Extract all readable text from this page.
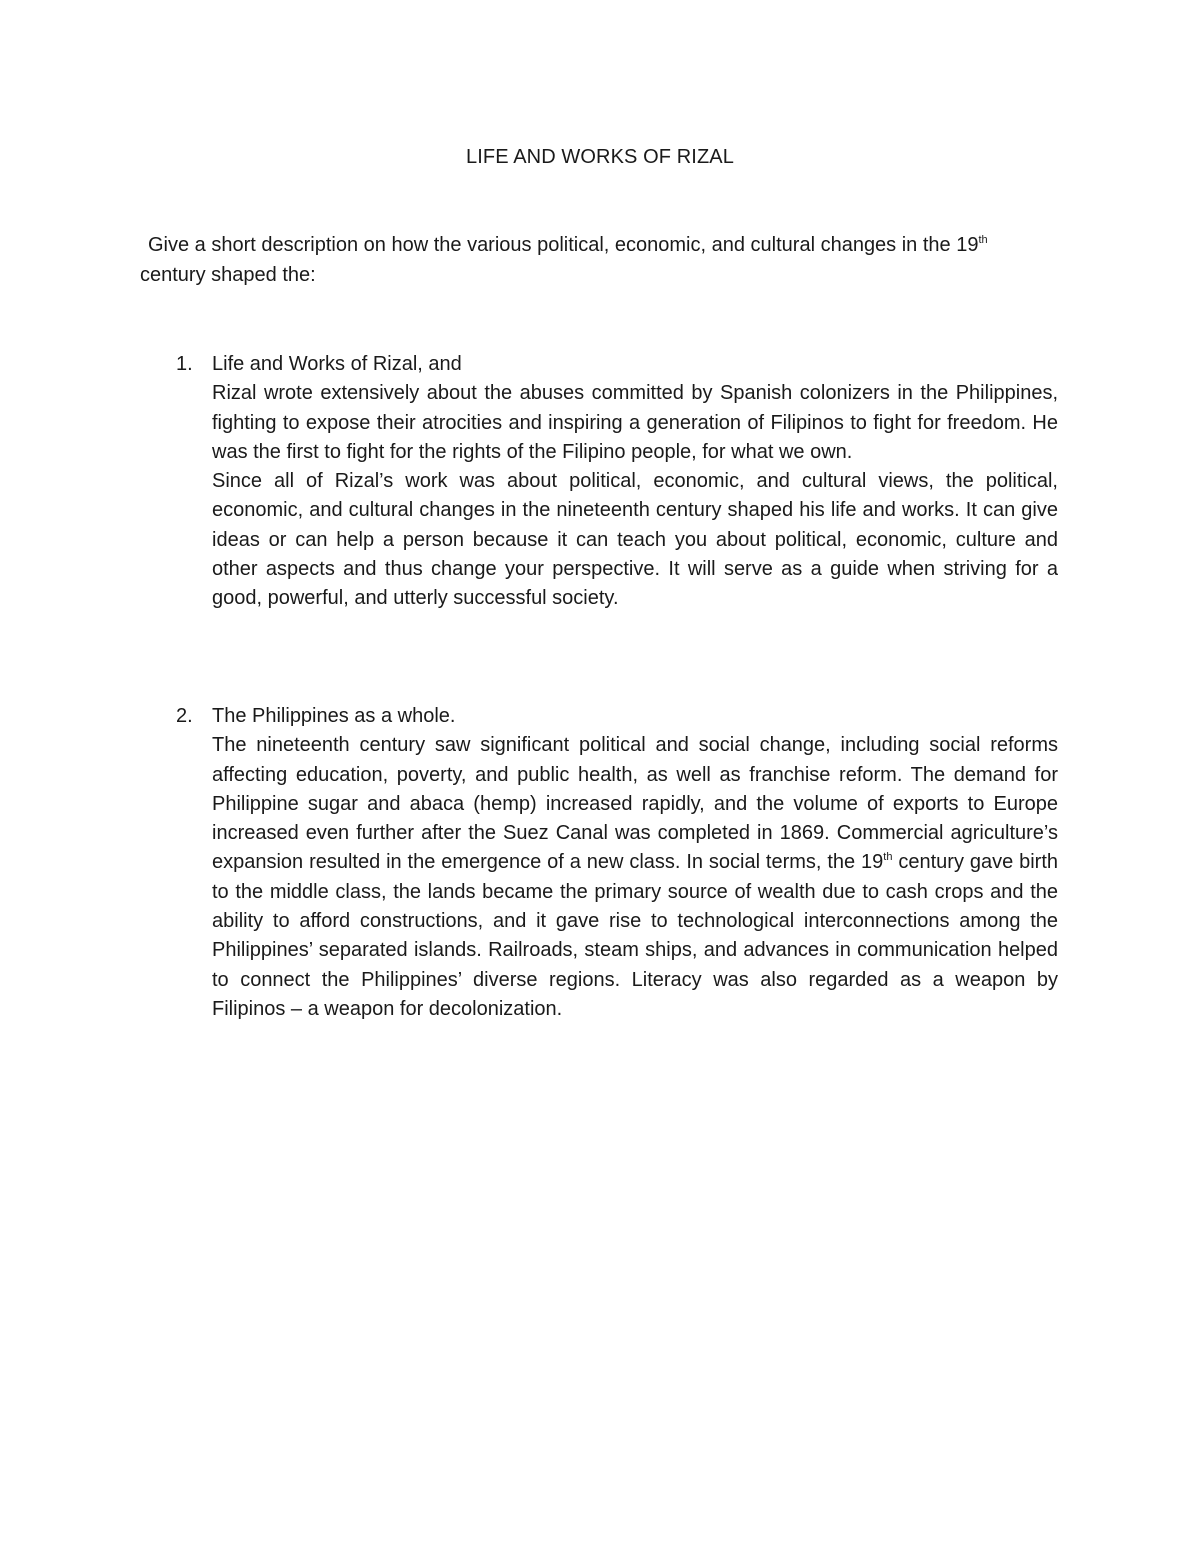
LIFE AND WORKS OF RIZAL

Give a short description on how the various political, economic, and cultural changes in the 19th century shaped the:

1. Life and Works of Rizal, and

Rizal wrote extensively about the abuses committed by Spanish colonizers in the Philippines, fighting to expose their atrocities and inspiring a generation of Filipinos to fight for freedom. He was the first to fight for the rights of the Filipino people, for what we own.

Since all of Rizal’s work was about political, economic, and cultural views, the political, economic, and cultural changes in the nineteenth century shaped his life and works. It can give ideas or can help a person because it can teach you about political, economic, culture and other aspects and thus change your perspective. It will serve as a guide when striving for a good, powerful, and utterly successful society.

2. The Philippines as a whole.

The nineteenth century saw significant political and social change, including social reforms affecting education, poverty, and public health, as well as franchise reform. The demand for Philippine sugar and abaca (hemp) increased rapidly, and the volume of exports to Europe increased even further after the Suez Canal was completed in 1869. Commercial agriculture’s expansion resulted in the emergence of a new class. In social terms, the 19th century gave birth to the middle class, the lands became the primary source of wealth due to cash crops and the ability to afford constructions, and it gave rise to technological interconnections among the Philippines’ separated islands. Railroads, steam ships, and advances in communication helped to connect the Philippines’ diverse regions. Literacy was also regarded as a weapon by Filipinos – a weapon for decolonization.
